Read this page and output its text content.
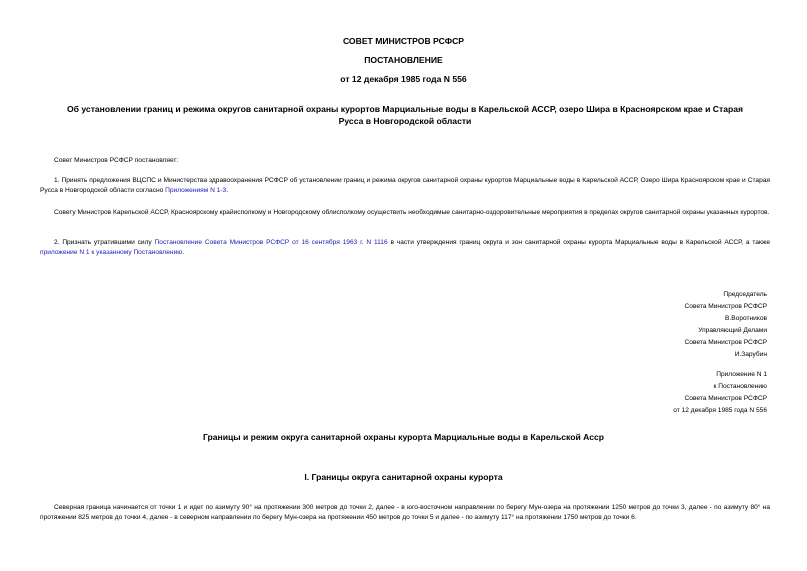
СОВЕТ МИНИСТРОВ РСФСР
ПОСТАНОВЛЕНИЕ
от 12 декабря 1985 года N 556
Об установлении границ и режима округов санитарной охраны курортов Марциальные воды в Карельской АССР, озеро Шира в Красноярском крае и Старая Русса в Новгородской области
Совет Министров РСФСР постановляет:
1. Принять предложения ВЦСПС и Министерства здравоохранения РСФСР об установлении границ и режима округов санитарной охраны курортов Марциальные воды в Карельской АССР, Озеро Шира Красноярском крае и Старая Русса в Новгородской области согласно Приложениям N 1-3.
Совету Министров Карельской АССР, Красноярскому крайисполкому и Новгородскому облисполкому осуществить необходимые санитарно-оздоровительные мероприятия в пределах округов санитарной охраны указанных курортов.
2. Признать утратившими силу Постановление Совета Министров РСФСР от 16 сентября 1963 г. N 1116 в части утверждения границ округа и зон санитарной охраны курорта Марциальные воды в Карельской АССР, а также приложение N 1 к указанному Постановлению.
Председатель
Совета Министров РСФСР
В.Воротников
Управляющий Делами
Совета Министров РСФСР
И.Зарубин
Приложение N 1
к Постановлению
Совета Министров РСФСР
от 12 декабря 1985 года N 556
Границы и режим округа санитарной охраны курорта Марциальные воды в Карельской Асср
I. Границы округа санитарной охраны курорта
Северная граница начинается от точки 1 и идет по азимуту 90° на протяжении 300 метров до точки 2, далее - в юго-восточном направлении по берегу Мун-озера на протяжении 1250 метров до точки 3, далее - по азимуту 80° на протяжении 825 метров до точки 4, далее - в северном направлении по берегу Мун-озера на протяжении 450 метров до точки 5 и далее - по азимуту 117° на протяжении 1750 метров до точки 6.
